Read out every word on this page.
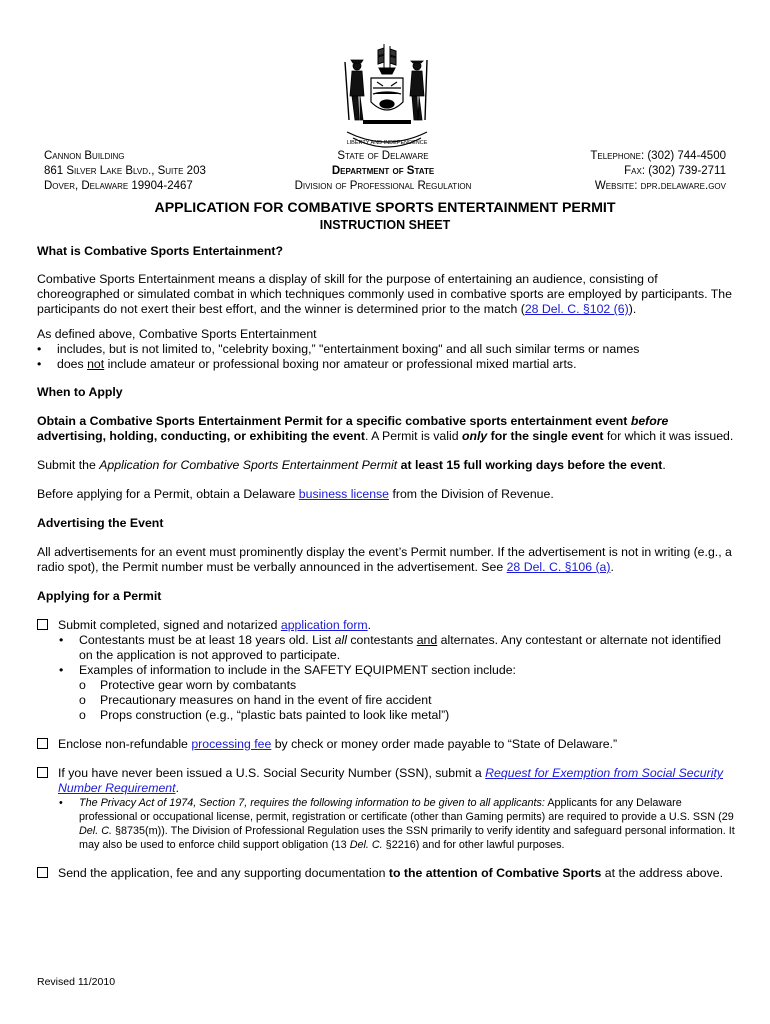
LIBERTY AND INDEPENDENCE
Cannon Building
861 Silver Lake Blvd., Suite 203
Dover, Delaware 19904-2467
State of Delaware
Department of State
Division of Professional Regulation
Telephone: (302) 744-4500
Fax: (302) 739-2711
Website: dpr.delaware.gov
APPLICATION FOR COMBATIVE SPORTS ENTERTAINMENT PERMIT
INSTRUCTION SHEET

What is Combative Sports Entertainment?

Combative Sports Entertainment means a display of skill for the purpose of entertaining an audience, consisting of choreographed or simulated combat in which techniques commonly used in combative sports are employed by participants. The participants do not exert their best effort, and the winner is determined prior to the match (28 Del. C. §102 (6)).

As defined above, Combative Sports Entertainment

• includes, but is not limited to, "celebrity boxing,” "entertainment boxing" and all such similar terms or names
• does not include amateur or professional boxing nor amateur or professional mixed martial arts.

When to Apply

Obtain a Combative Sports Entertainment Permit for a specific combative sports entertainment event before advertising, holding, conducting, or exhibiting the event. A Permit is valid only for the single event for which it was issued.

Submit the Application for Combative Sports Entertainment Permit at least 15 full working days before the event.

Before applying for a Permit, obtain a Delaware business license from the Division of Revenue.

Advertising the Event

All advertisements for an event must prominently display the event’s Permit number. If the advertisement is not in writing (e.g., a radio spot), the Permit number must be verbally announced in the advertisement. See 28 Del. C. §106 (a).

Applying for a Permit

Submit completed, signed and notarized application form.
• Contestants must be at least 18 years old. List all contestants and alternates. Any contestant or alternate not identified on the application is not approved to participate.
• Examples of information to include in the SAFETY EQUIPMENT section include:
o Protective gear worn by combatants
o Precautionary measures on hand in the event of fire accident
o Props construction (e.g., “plastic bats painted to look like metal”)
Enclose non-refundable processing fee by check or money order made payable to “State of Delaware.”
If you have never been issued a U.S. Social Security Number (SSN), submit a Request for Exemption from Social Security Number Requirement.
• The Privacy Act of 1974, Section 7, requires the following information to be given to all applicants: Applicants for any Delaware professional or occupational license, permit, registration or certificate (other than Gaming permits) are required to provide a U.S. SSN (29 Del. C. §8735(m)). The Division of Professional Regulation uses the SSN primarily to verify identity and safeguard personal information. It may also be used to enforce child support obligation (13 Del. C. §2216) and for other lawful purposes.
Send the application, fee and any supporting documentation to the attention of Combative Sports at the address above.
Revised 11/2010
